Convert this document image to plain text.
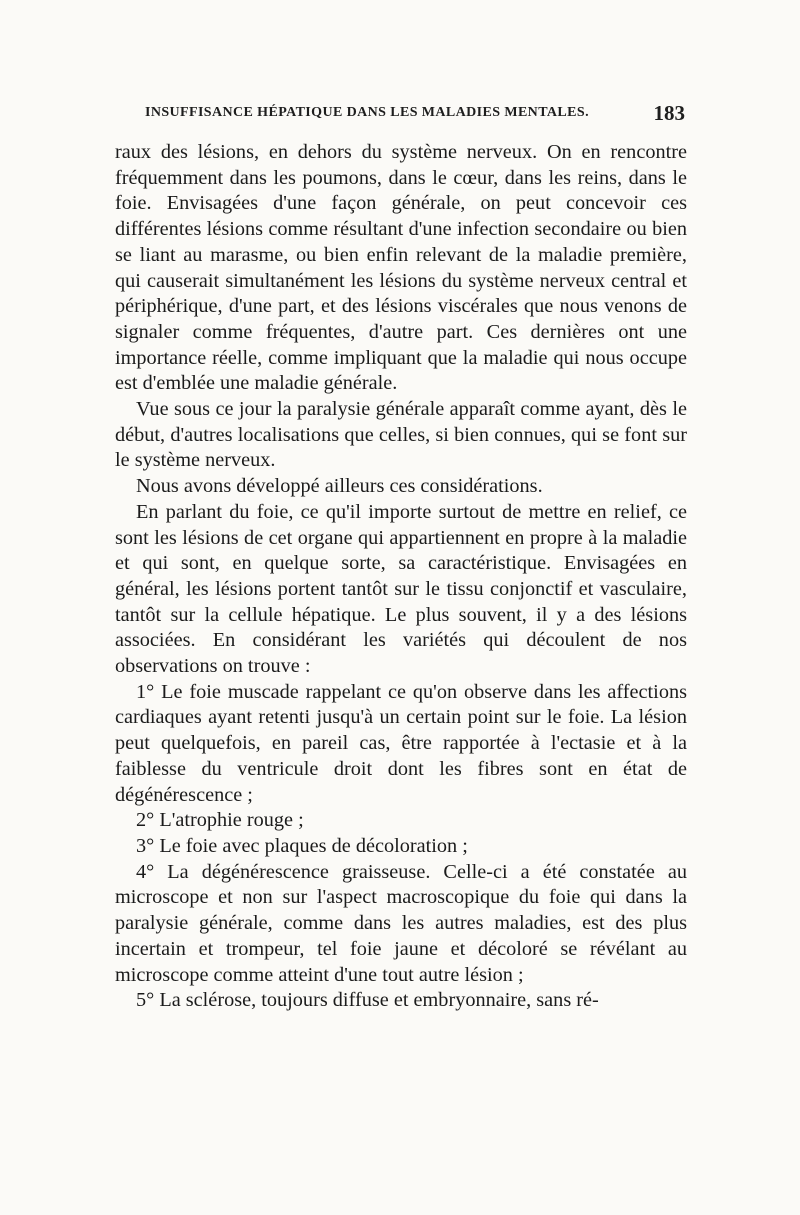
INSUFFISANCE HÉPATIQUE DANS LES MALADIES MENTALES.	183

raux des lésions, en dehors du système nerveux. On en rencontre fréquemment dans les poumons, dans le cœur, dans les reins, dans le foie. Envisagées d'une façon générale, on peut concevoir ces différentes lésions comme résultant d'une infection secondaire ou bien se liant au marasme, ou bien enfin relevant de la maladie première, qui causerait simultanément les lésions du système nerveux central et périphérique, d'une part, et des lésions viscérales que nous venons de signaler comme fréquentes, d'autre part. Ces dernières ont une importance réelle, comme impliquant que la maladie qui nous occupe est d'emblée une maladie générale.

Vue sous ce jour la paralysie générale apparaît comme ayant, dès le début, d'autres localisations que celles, si bien connues, qui se font sur le système nerveux.

Nous avons développé ailleurs ces considérations.

En parlant du foie, ce qu'il importe surtout de mettre en relief, ce sont les lésions de cet organe qui appartiennent en propre à la maladie et qui sont, en quelque sorte, sa caractéristique. Envisagées en général, les lésions portent tantôt sur le tissu conjonctif et vasculaire, tantôt sur la cellule hépatique. Le plus souvent, il y a des lésions associées. En considérant les variétés qui découlent de nos observations on trouve :

1° Le foie muscade rappelant ce qu'on observe dans les affections cardiaques ayant retenti jusqu'à un certain point sur le foie. La lésion peut quelquefois, en pareil cas, être rapportée à l'ectasie et à la faiblesse du ventricule droit dont les fibres sont en état de dégénérescence ;

2° L'atrophie rouge ;

3° Le foie avec plaques de décoloration ;

4° La dégénérescence graisseuse. Celle-ci a été constatée au microscope et non sur l'aspect macroscopique du foie qui dans la paralysie générale, comme dans les autres maladies, est des plus incertain et trompeur, tel foie jaune et décoloré se révélant au microscope comme atteint d'une tout autre lésion ;

5° La sclérose, toujours diffuse et embryonnaire, sans ré-
